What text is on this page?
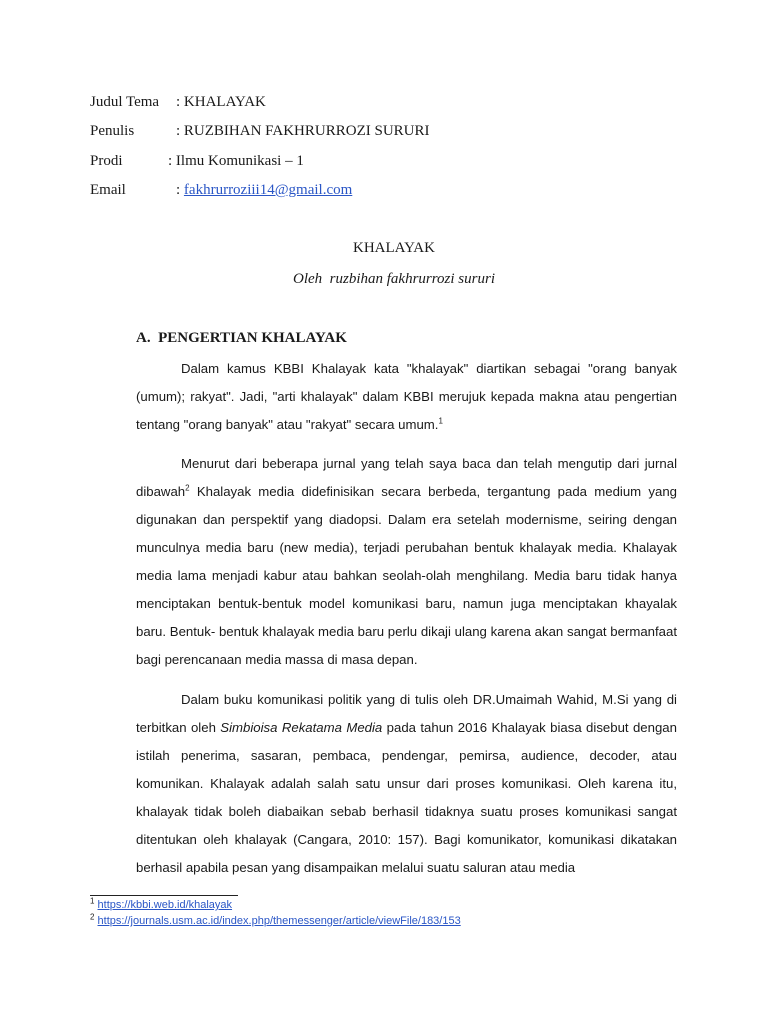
Judul Tema : KHALAYAK
Penulis	: RUZBIHAN FAKHRURROZI SURURI
Prodi	: Ilmu Komunikasi – 1
Email	: fakhrurroziii14@gmail.com
KHALAYAK
Oleh  ruzbihan fakhrurrozi sururi
A.  PENGERTIAN KHALAYAK

Dalam kamus KBBI Khalayak kata "khalayak" diartikan sebagai "orang banyak (umum); rakyat". Jadi, "arti khalayak" dalam KBBI merujuk kepada makna atau pengertian tentang "orang banyak" atau "rakyat" secara umum.$^1$

Menurut dari beberapa jurnal yang telah saya baca dan telah mengutip dari jurnal dibawah$^2$ Khalayak media didefinisikan secara berbeda, tergantung pada medium yang digunakan dan perspektif yang diadopsi. Dalam era setelah modernisme, seiring dengan munculnya media baru (new media), terjadi perubahan bentuk khalayak media. Khalayak media lama menjadi kabur atau bahkan seolah-olah menghilang. Media baru tidak hanya menciptakan bentuk-bentuk model komunikasi baru, namun juga menciptakan khayalak baru. Bentuk- bentuk khalayak media baru perlu dikaji ulang karena akan sangat bermanfaat bagi perencanaan media massa di masa depan.

Dalam buku komunikasi politik yang di tulis oleh DR.Umaimah Wahid, M.Si yang di terbitkan oleh Simbioisa Rekatama Media pada tahun 2016 Khalayak biasa disebut dengan istilah penerima, sasaran, pembaca, pendengar, pemirsa, audience, decoder, atau komunikan. Khalayak adalah salah satu unsur dari proses komunikasi. Oleh karena itu, khalayak tidak boleh diabaikan sebab berhasil tidaknya suatu proses komunikasi sangat ditentukan oleh khalayak (Cangara, 2010: 157). Bagi komunikator, komunikasi dikatakan berhasil apabila pesan yang disampaikan melalui suatu saluran atau media

$^1$ https://kbbi.web.id/khalayak
$^2$ https://journals.usm.ac.id/index.php/themessenger/article/viewFile/183/153
